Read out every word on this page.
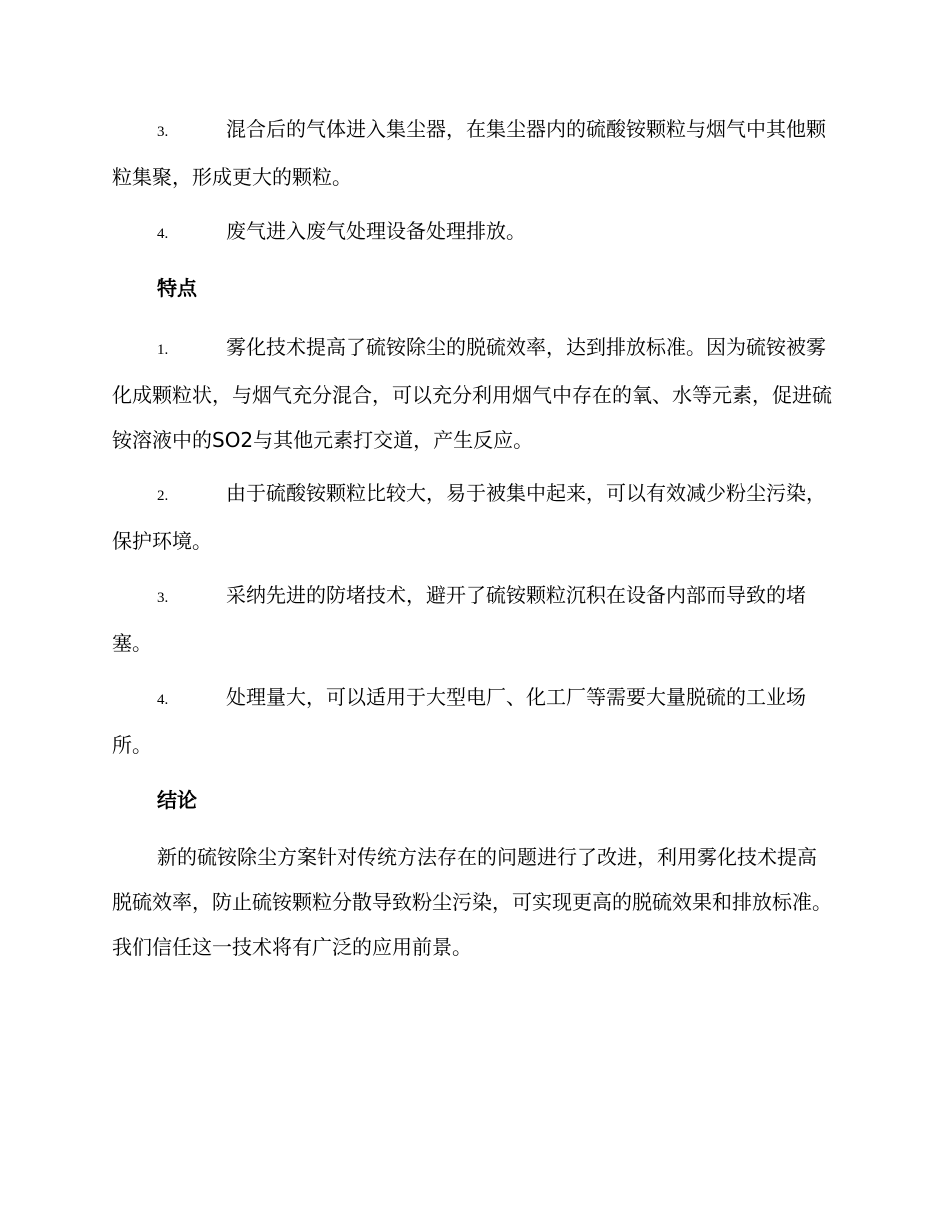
3.	混合后的气体进入集尘器，在集尘器内的硫酸铵颗粒与烟气中其他颗粒集聚，形成更大的颗粒。

4.	废气进入废气处理设备处理排放。

特点

1.	雾化技术提高了硫铵除尘的脱硫效率，达到排放标准。因为硫铵被雾化成颗粒状，与烟气充分混合，可以充分利用烟气中存在的氧、水等元素，促进硫铵溶液中的SO2与其他元素打交道，产生反应。

2.	由于硫酸铵颗粒比较大，易于被集中起来，可以有效减少粉尘污染，保护环境。

3.	采纳先进的防堵技术，避开了硫铵颗粒沉积在设备内部而导致的堵塞。

4.	处理量大，可以适用于大型电厂、化工厂等需要大量脱硫的工业场所。

结论

新的硫铵除尘方案针对传统方法存在的问题进行了改进，利用雾化技术提高脱硫效率，防止硫铵颗粒分散导致粉尘污染，可实现更高的脱硫效果和排放标准。我们信任这一技术将有广泛的应用前景。
